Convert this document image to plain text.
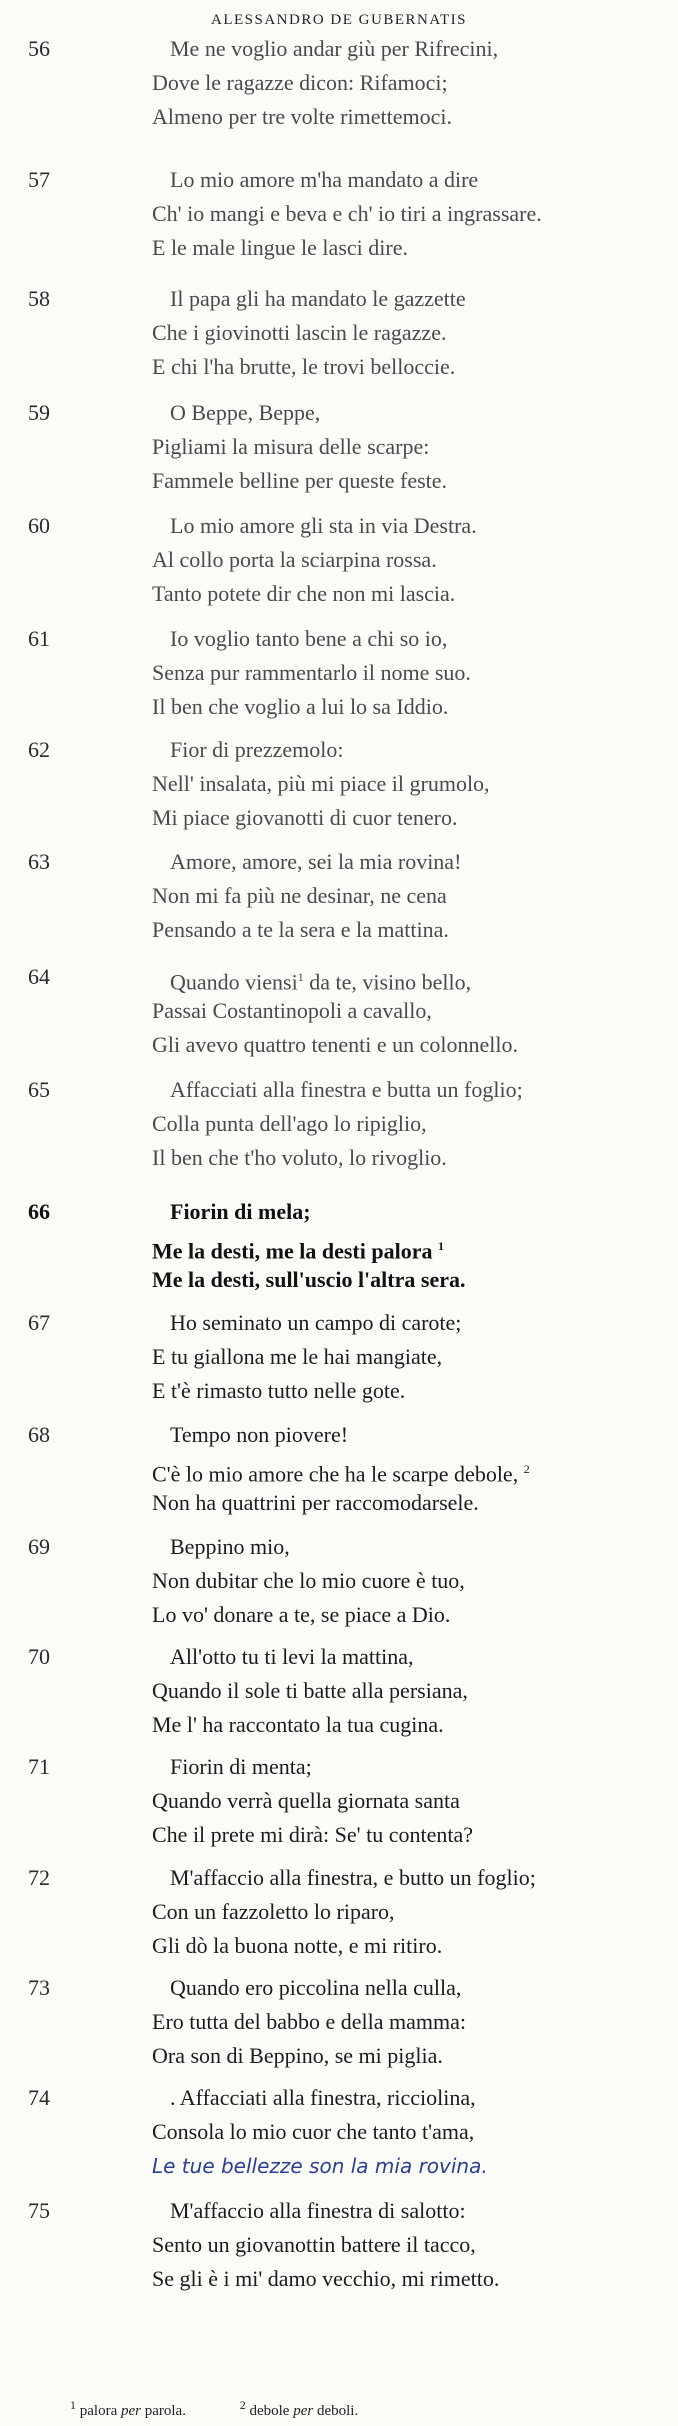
ALESSANDRO DE GUBERNATIS
56	Me ne voglio andar giù per Rifrecini,
Dove le ragazze dicon: Rifamoci;
Almeno per tre volte rimettemoci.
57	Lo mio amore m'ha mandato a dire
Ch' io mangi e beva e ch' io tiri a ingrassare.
E le male lingue le lasci dire.
58	Il papa gli ha mandato le gazzette
Che i giovinotti lascin le ragazze.
E chi l'ha brutte, le trovi belloccie.
59	O Beppe, Beppe,
Pigliami la misura delle scarpe:
Fammele belline per queste feste.
60	Lo mio amore gli sta in via Destra.
Al collo porta la sciarpina rossa.
Tanto potete dir che non mi lascia.
61	Io voglio tanto bene a chi so io,
Senza pur rammentarlo il nome suo.
Il ben che voglio a lui lo sa Iddio.
62	Fior di prezzemolo:
Nell' insalata, più mi piace il grumolo,
Mi piace giovanotti di cuor tenero.
63	Amore, amore, sei la mia rovina!
Non mi fa più ne desinar, ne cena
Pensando a te la sera e la mattina.
64	Quando viensi$^1$ da te, visino bello,
Passai Costantinopoli a cavallo,
Gli avevo quattro tenenti e un colonnello.
65	Affacciati alla finestra e butta un foglio;
Colla punta dell'ago lo ripiglio,
Il ben che t'ho voluto, lo rivoglio.
66	Fiorin di mela;
Me la desti, me la desti palora $^1$
Me la desti, sull'uscio l'altra sera.
67	Ho seminato un campo di carote;
E tu giallona me le hai mangiate,
E t'è rimasto tutto nelle gote.
68	Tempo non piovere!
C'è lo mio amore che ha le scarpe debole, $^2$
Non ha quattrini per raccomodarsele.
69	Beppino mio,
Non dubitar che lo mio cuore è tuo,
Lo vo' donare a te, se piace a Dio.
70	All'otto tu ti levi la mattina,
Quando il sole ti batte alla persiana,
Me l' ha raccontato la tua cugina.
71	Fiorin di menta;
Quando verrà quella giornata santa
Che il prete mi dirà: Se' tu contenta?
72	M'affaccio alla finestra, e butto un foglio;
Con un fazzoletto lo riparo,
Gli dò la buona notte, e mi ritiro.
73	Quando ero piccolina nella culla,
Ero tutta del babbo e della mamma:
Ora son di Beppino, se mi piglia.
74	. Affacciati alla finestra, ricciolina,
Consola lo mio cuor che tanto t'ama,
Le tue bellezze son la mia rovina.
75	M'affaccio alla finestra di salotto:
Sento un giovanottin battere il tacco,
Se gli è i mi' damo vecchio, mi rimetto.
$^1$ palora per parola.	$^2$ debole per deboli.
